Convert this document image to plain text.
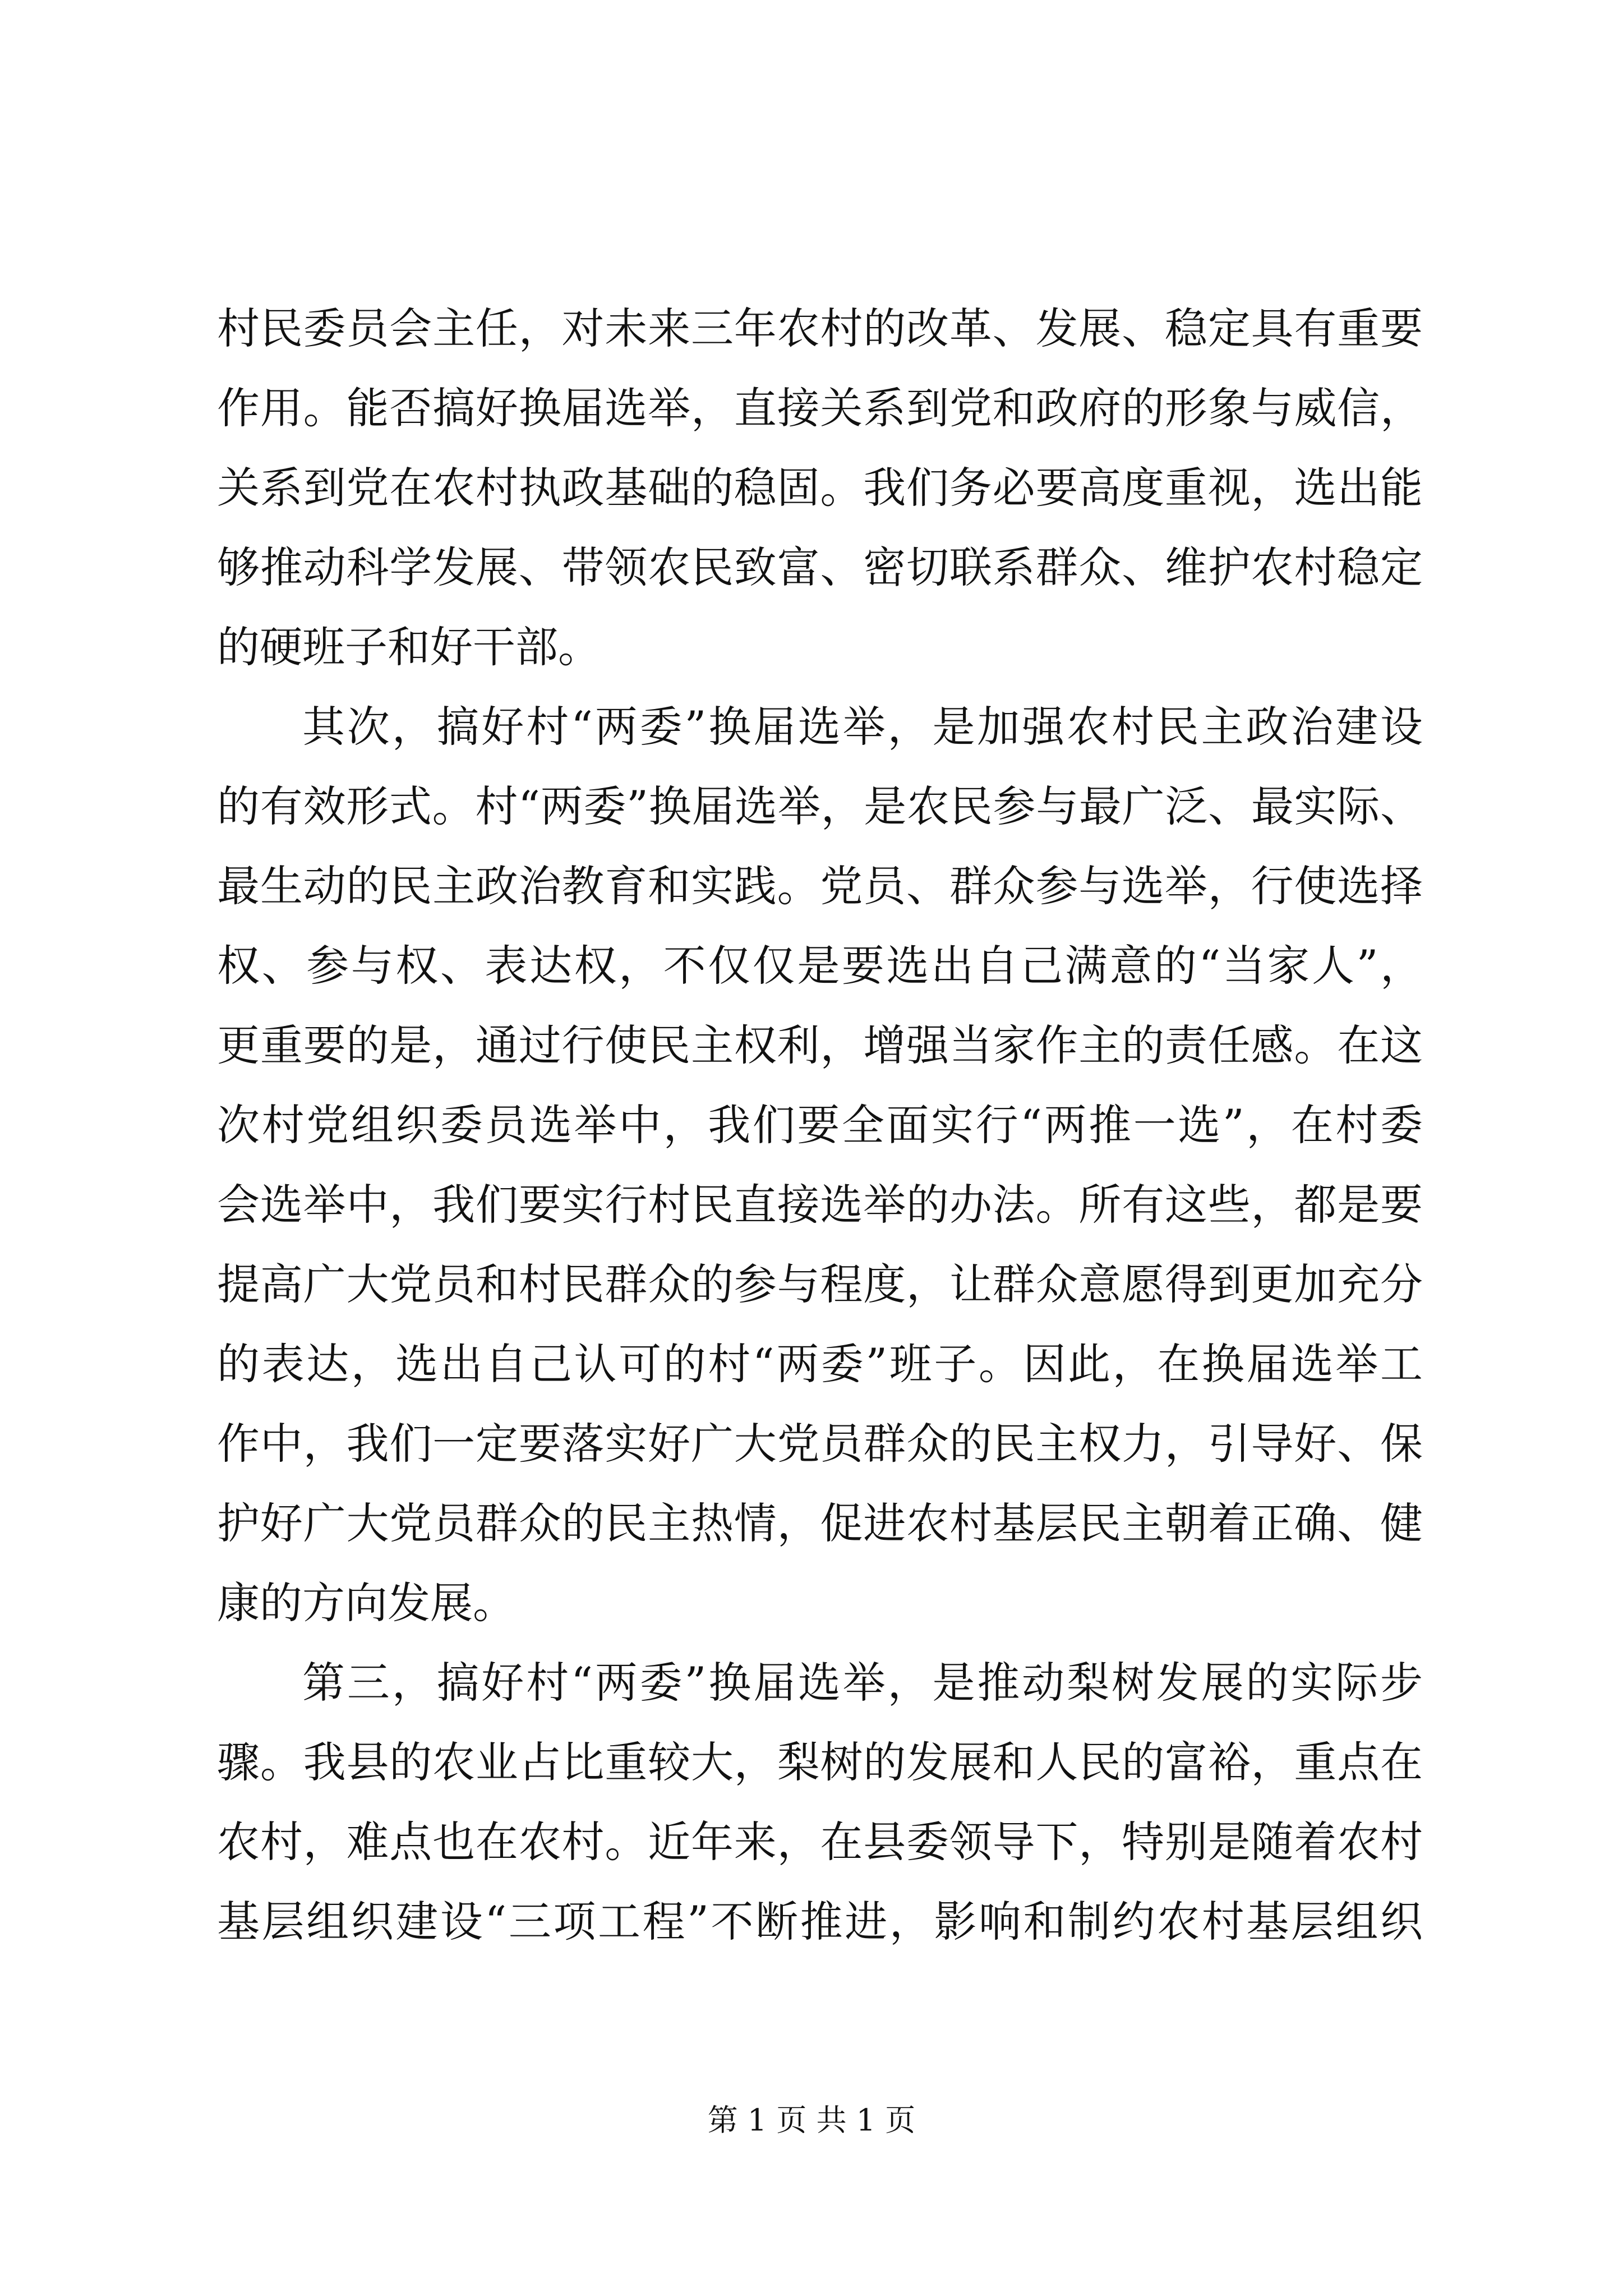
村民委员会主任，对未来三年农村的改革、发展、稳定具有重要
作用。能否搞好换届选举，直接关系到党和政府的形象与威信，
关系到党在农村执政基础的稳固。我们务必要高度重视，选出能
够推动科学发展、带领农民致富、密切联系群众、维护农村稳定
的硬班子和好干部。
其次，搞好村“两委”换届选举，是加强农村民主政治建设
的有效形式。村“两委”换届选举，是农民参与最广泛、最实际、
最生动的民主政治教育和实践。党员、群众参与选举，行使选择
权、参与权、表达权，不仅仅是要选出自己满意的“当家人”，
更重要的是，通过行使民主权利，增强当家作主的责任感。在这
次村党组织委员选举中，我们要全面实行“两推一选”，在村委
会选举中，我们要实行村民直接选举的办法。所有这些，都是要
提高广大党员和村民群众的参与程度，让群众意愿得到更加充分
的表达，选出自己认可的村“两委”班子。因此，在换届选举工
作中，我们一定要落实好广大党员群众的民主权力，引导好、保
护好广大党员群众的民主热情，促进农村基层民主朝着正确、健
康的方向发展。
第三，搞好村“两委”换届选举，是推动梨树发展的实际步
骤。我县的农业占比重较大，梨树的发展和人民的富裕，重点在
农村，难点也在农村。近年来，在县委领导下，特别是随着农村
基层组织建设“三项工程”不断推进，影响和制约农村基层组织
第 1 页 共 1 页
